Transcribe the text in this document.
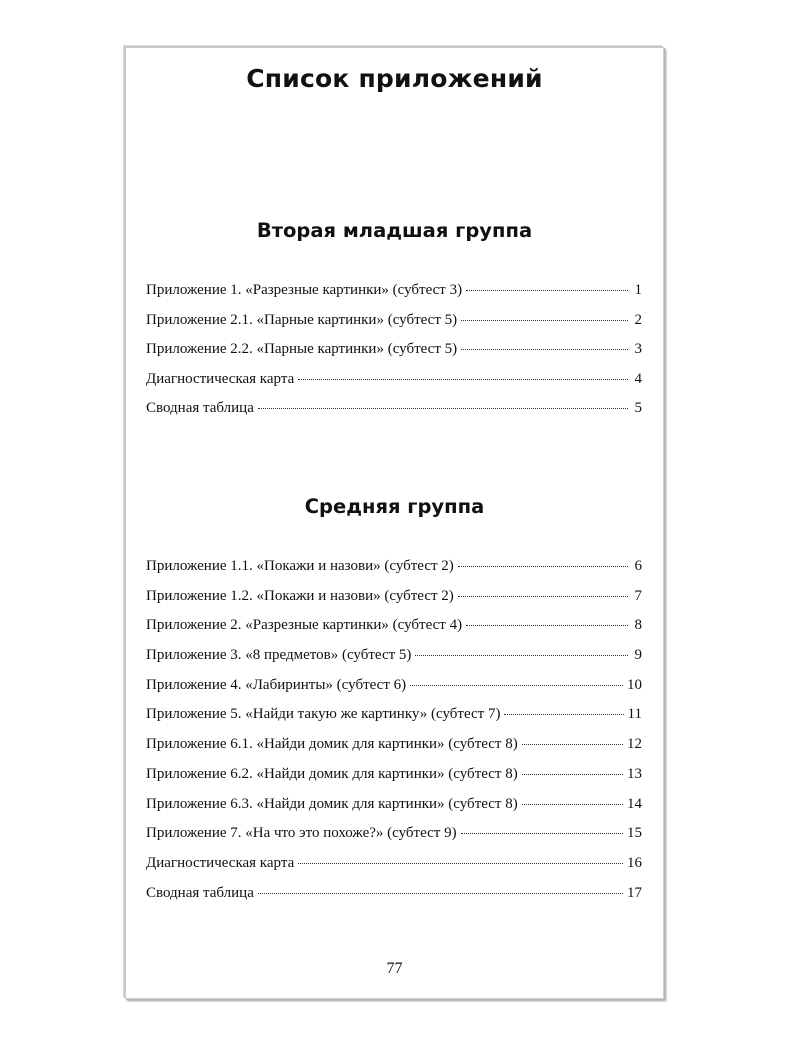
Список приложений
Вторая младшая группа
Приложение 1. «Разрезные картинки» (субтест 3)	1
Приложение 2.1. «Парные картинки» (субтест 5)	2
Приложение 2.2. «Парные картинки» (субтест 5)	3
Диагностическая карта	4
Сводная таблица	5
Средняя группа
Приложение 1.1. «Покажи и назови» (субтест 2)	6
Приложение 1.2. «Покажи и назови» (субтест 2)	7
Приложение 2. «Разрезные картинки» (субтест 4)	8
Приложение 3. «8 предметов» (субтест 5)	9
Приложение 4. «Лабиринты» (субтест 6)	10
Приложение 5. «Найди такую же картинку» (субтест 7)	11
Приложение 6.1. «Найди домик для картинки» (субтест 8)	12
Приложение 6.2. «Найди домик для картинки» (субтест 8)	13
Приложение 6.3. «Найди домик для картинки» (субтест 8)	14
Приложение 7. «На что это похоже?» (субтест 9)	15
Диагностическая карта	16
Сводная таблица	17
77
